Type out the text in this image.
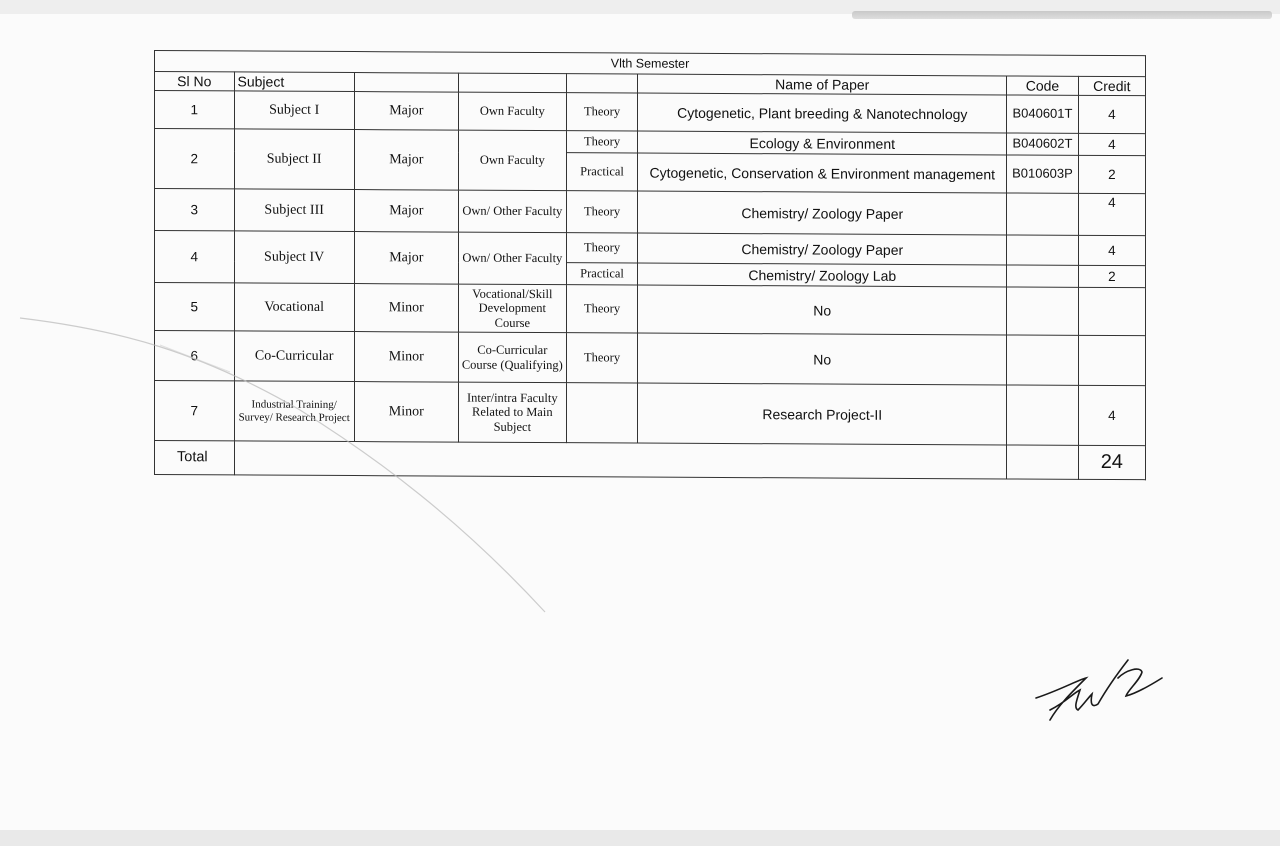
Vlth Semester							
Sl No	Subject				Name of Paper	Code	Credit
1	Subject I	Major	Own Faculty	Theory	Cytogenetic, Plant breeding & Nanotechnology	B040601T	4
2	Subject II	Major	Own Faculty	Theory	Ecology & Environment	B040602T	4
				Practical	Cytogenetic, Conservation & Environment management	B010603P	2
3	Subject III	Major	Own/ Other Faculty	Theory	Chemistry/ Zoology Paper		4
4	Subject IV	Major	Own/ Other Faculty	Theory	Chemistry/ Zoology Paper		4
				Practical	Chemistry/ Zoology Lab		2
5	Vocational	Minor	Vocational/Skill Development Course	Theory	No		
6	Co-Curricular	Minor	Co-Curricular Course (Qualifying)	Theory	No		
7	Industrial Training/ Survey/ Research Project	Minor	Inter/intra Faculty Related to Main Subject		Research Project-II		4
Total							24
